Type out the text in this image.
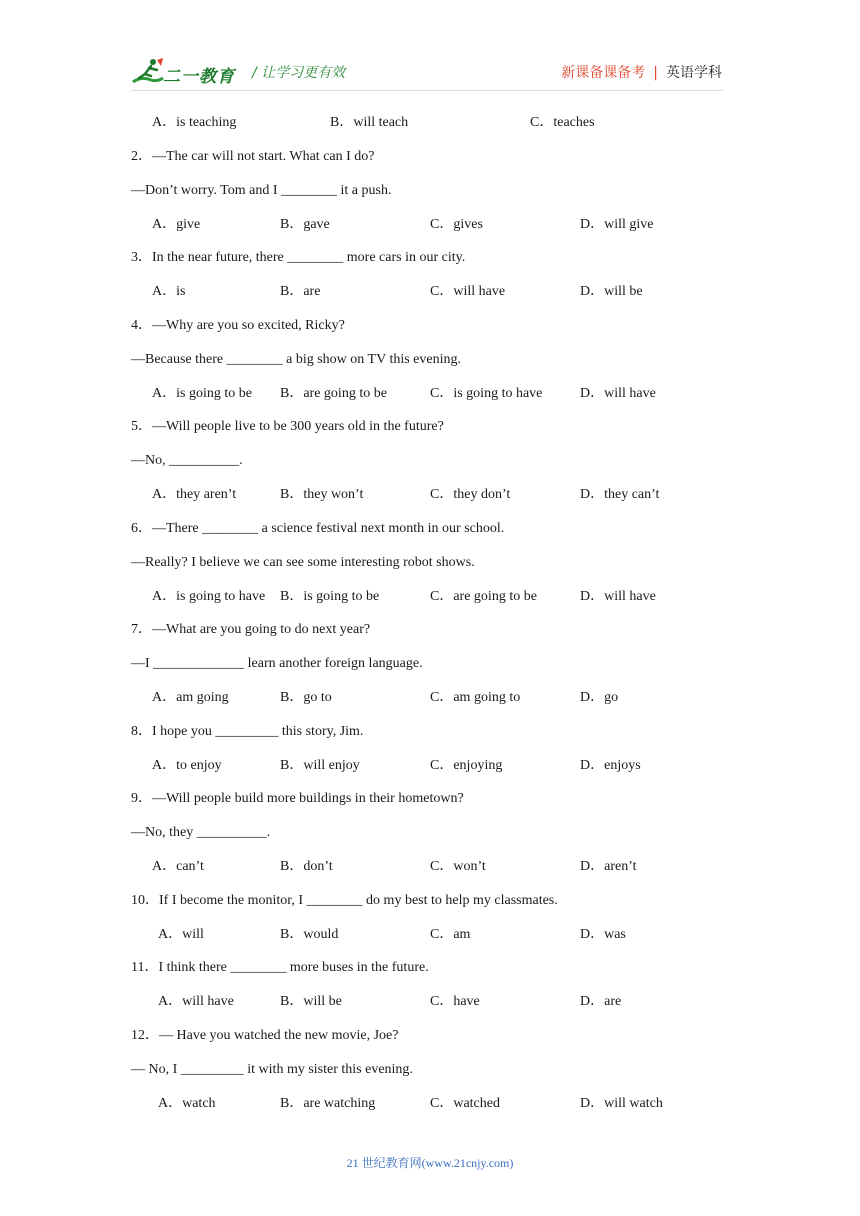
二一教育 / 让学习更有效	新课备课备考 | 英语学科
A．is teaching	B．will teach	C．teaches
2．—The car will not start. What can I do?
—Don’t worry. Tom and I ________ it a push.
A．give	B．gave	C．gives	D．will give
3．In the near future, there ________ more cars in our city.
A．is	B．are	C．will have	D．will be
4．—Why are you so excited, Ricky?
—Because there ________ a big show on TV this evening.
A．is going to be B．are going to be	C．is going to have	D．will have
5．—Will people live to be 300 years old in the future?
—No, __________.
A．they aren’t	B．they won’t	C．they don’t	D．they can’t
6．—There ________ a science festival next month in our school.
—Really? I believe we can see some interesting robot shows.
A．is going to have B．is going to be	C．are going to be	D．will have
7．—What are you going to do next year?
—I _____________ learn another foreign language.
A．am going	B．go to	C．am going to	D．go
8．I hope you _________ this story, Jim.
A．to enjoy	B．will enjoy	C．enjoying	D．enjoys
9．—Will people build more buildings in their hometown?
—No, they __________.
A．can’t	B．don’t	C．won’t	D．aren’t
10．If I become the monitor, I ________ do my best to help my classmates.
A．will	B．would	C．am	D．was
11．I think there ________ more buses in the future.
A．will have	B．will be	C．have	D．are
12．— Have you watched the new movie, Joe?
— No, I _________ it with my sister this evening.
A．watch	B．are watching	C．watched	D．will watch
21 世纪教育网(www.21cnjy.com)
